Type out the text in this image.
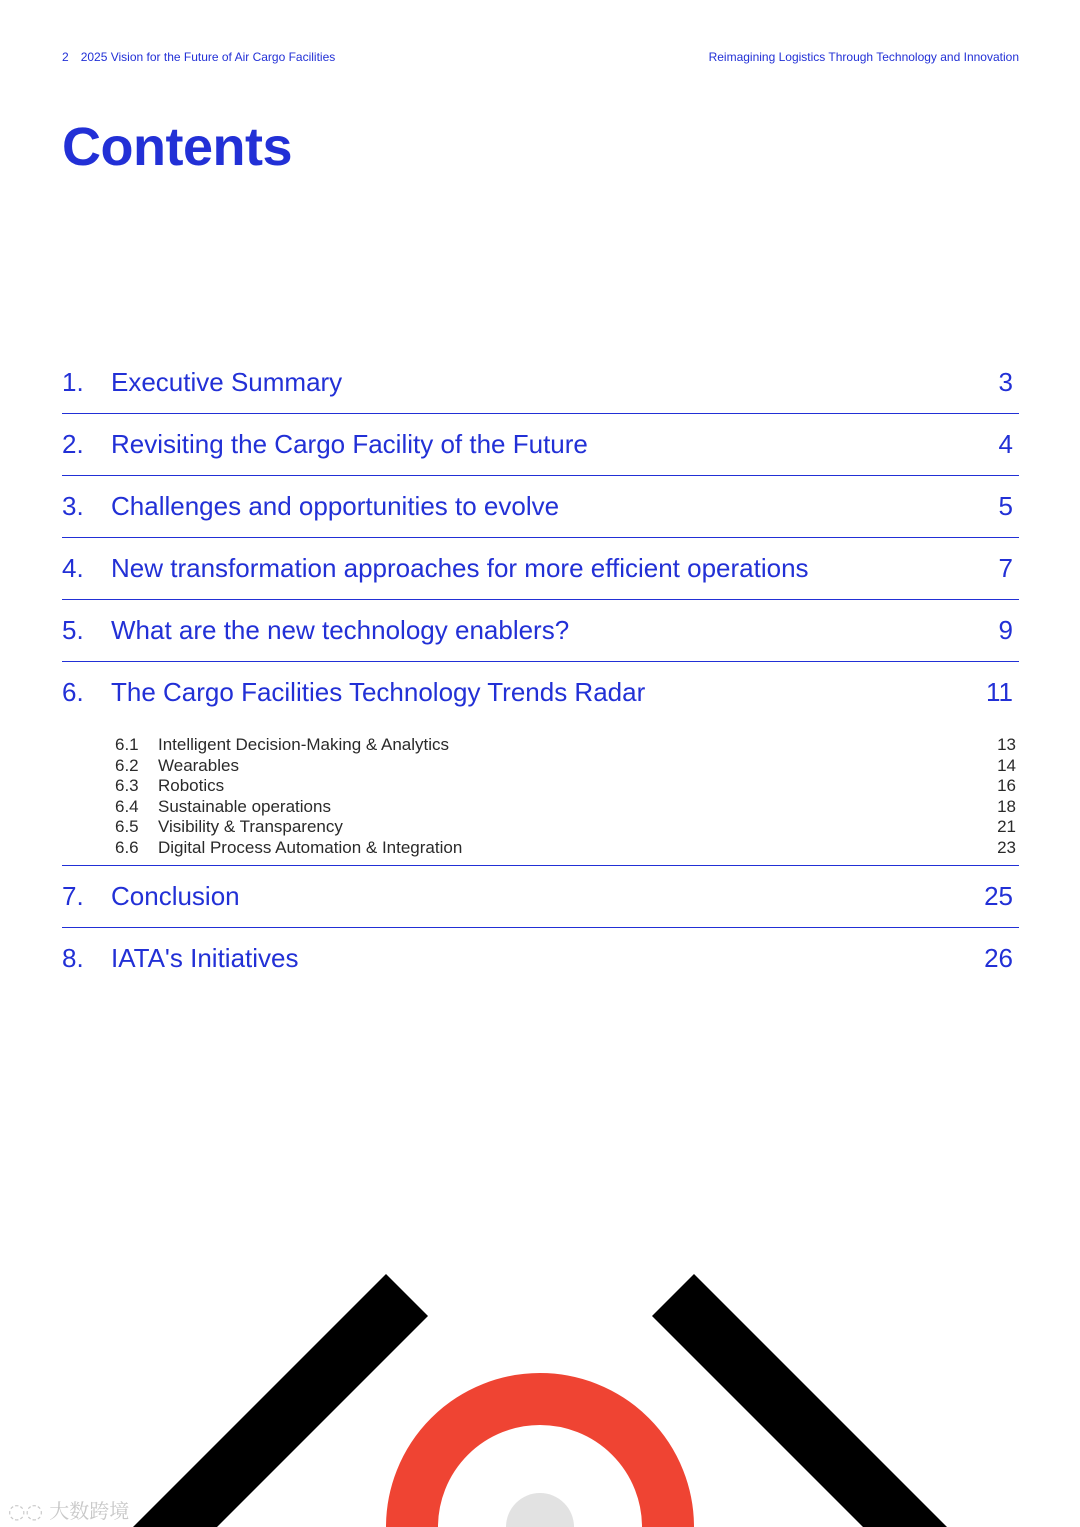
2 2025 Vision for the Future of Air Cargo Facilities	Reimagining Logistics Through Technology and Innovation
Contents
1. Executive Summary	3
2. Revisiting the Cargo Facility of the Future	4
3. Challenges and opportunities to evolve	5
4. New transformation approaches for more efficient operations	7
5. What are the new technology enablers?	9
6. The Cargo Facilities Technology Trends Radar	11
6.1 Intelligent Decision-Making & Analytics	13
6.2 Wearables	14
6.3 Robotics	16
6.4 Sustainable operations	18
6.5 Visibility & Transparency	21
6.6 Digital Process Automation & Integration	23
7. Conclusion	25
8. IATA's Initiatives	26
◌◌ 大数跨境
